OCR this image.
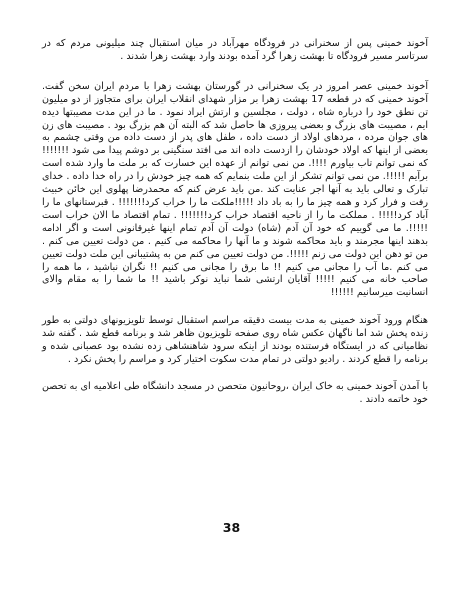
آخوند خمینی پس از سخنرانی در فرودگاه مهرآباد در میان استقبال چند میلیونی مردم که در سرتاسر مسیر فرودگاه تا بهشت زهرا گرد آمده بودند وارد بهشت زهرا شدند .

آخوند خمینی عصر امروز در یک سخنرانی در گورستان بهشت زهرا با مردم ایران سخن گفت. آخوند خمینی که در قطعه 17 بهشت زهرا بر مزار شهدای انقلاب ایران برای متجاوز از دو میلیون تن نطق خود را درباره شاه ، دولت ، مجلسین و ارتش ایراد نمود . ما در این مدت مصیبتها دیده ایم ، مصیبت های بزرگ و بعضی پیروزی ها حاصل شد که البته آن هم بزرگ بود . مصیبت های زن های جوان مرده ، مردهای اولاد از دست داده ، طفل های پدر از دست داده من وقتی چشمم به بعضی از اینها که اولاد خودشان را ازدست داده اند می افتد سنگینی بر دوشم پیدا می شود !!!!!!! که نمی توانم تاب بیاورم !!!!. من نمی توانم از عهده این خسارت که بر ملت ما وارد شده است برآیم !!!!!. من نمی توانم تشکر از این ملت بنمایم که همه چیز خودش را در راه خدا داده . خدای تبارک و تعالی باید به آنها اجر عنایت کند .من باید عرض کنم که محمدرضا پهلوی این خائن خبیث رفت و فرار کرد و همه چیز ما را به باد داد !!!!!ملکت ما را خراب کرد!!!!!!! . قبرستانهای ما را آباد کرد!!!!! . مملکت ما را از ناحیه اقتصاد خراب کرد!!!!!!! . تمام اقتصاد ما الان خراب است !!!!!. ما می گوییم که خود آن آدم (شاه) دولت آن آدم تمام اینها غیرقانونی است و اگر ادامه بدهند اینها مجرمند و باید محاکمه شوند و ما آنها را محاکمه می کنیم . من دولت تعیین می کنم . من تو دهن این دولت می زنم !!!!!. من دولت تعیین می کنم من به پشتیبانی این ملت دولت تعیین می کنم .ما آب را مجانی می کنیم !! ما برق را مجانی می کنیم !! نگران نباشید ، ما همه را صاحب خانه می کنیم !!!!! آقایان ارتشی شما نباید نوکر باشید !! ما شما را به مقام والای انسانیت میرسانیم !!!!!!

هنگام ورود آخوند خمینی به مدت بیست دقیقه مراسم استقبال توسط تلویزیونهای دولتی به طور زنده پخش شد اما ناگهان عکس شاه روی صفحه تلویزیون ظاهر شد و برنامه قطع شد . گفته شد نظامیانی که در ایستگاه فرستنده بودند از اینکه سرود شاهنشاهی زده نشده بود عصبانی شده و برنامه را قطع کردند . رادیو دولتی در تمام مدت سکوت اختیار کرد و مراسم را پخش نکرد .

با آمدن آخوند خمینی به خاک ایران ،روحانیون متحصن در مسجد دانشگاه طی اعلامیه ای به تحصن خود خاتمه دادند .

38
